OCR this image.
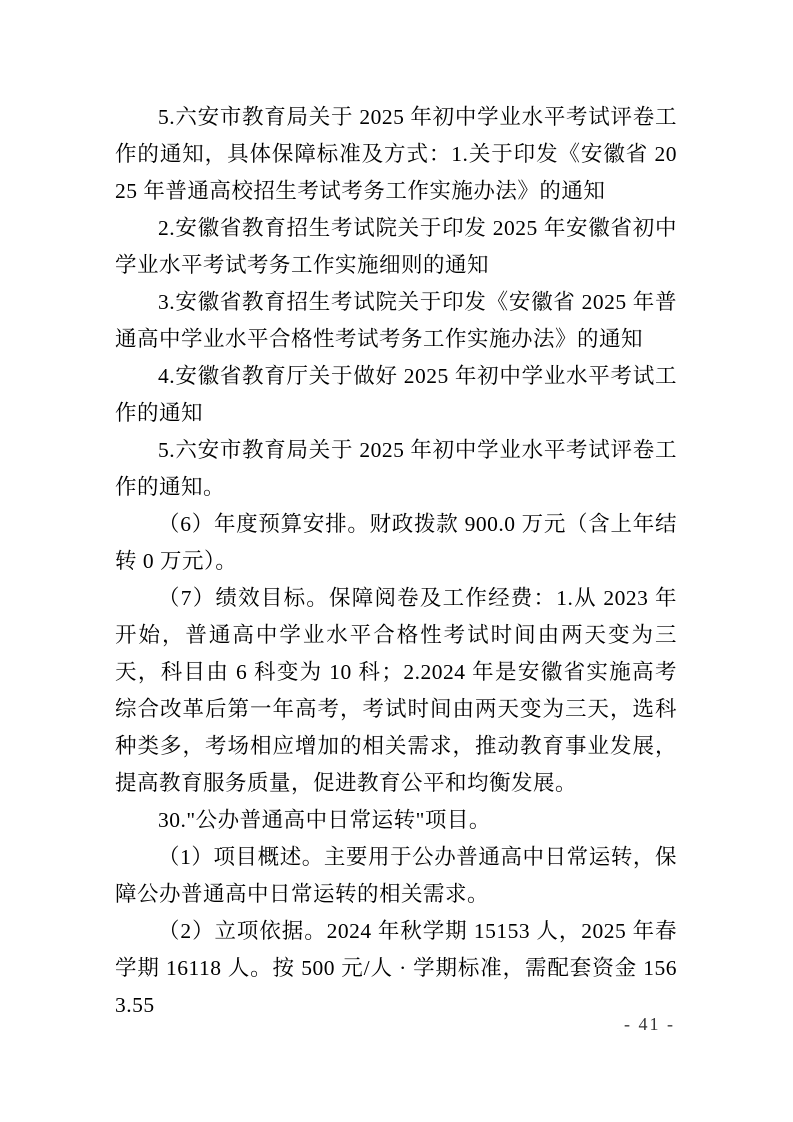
5.六安市教育局关于 2025 年初中学业水平考试评卷工作的通知，具体保障标准及方式：1.关于印发《安徽省 2025 年普通高校招生考试考务工作实施办法》的通知

2.安徽省教育招生考试院关于印发 2025 年安徽省初中学业水平考试考务工作实施细则的通知

3.安徽省教育招生考试院关于印发《安徽省 2025 年普通高中学业水平合格性考试考务工作实施办法》的通知

4.安徽省教育厅关于做好 2025 年初中学业水平考试工作的通知

5.六安市教育局关于 2025 年初中学业水平考试评卷工作的通知。

（6）年度预算安排。财政拨款 900.0 万元（含上年结转 0 万元）。

（7）绩效目标。保障阅卷及工作经费：1.从 2023 年开始，普通高中学业水平合格性考试时间由两天变为三天，科目由 6 科变为 10 科；2.2024 年是安徽省实施高考综合改革后第一年高考，考试时间由两天变为三天，选科种类多，考场相应增加的相关需求，推动教育事业发展，提高教育服务质量，促进教育公平和均衡发展。

30."公办普通高中日常运转"项目。

（1）项目概述。主要用于公办普通高中日常运转，保障公办普通高中日常运转的相关需求。

（2）立项依据。2024 年秋学期 15153 人，2025 年春学期 16118 人。按 500 元/人 · 学期标准，需配套资金 1563.55

- 41 -
